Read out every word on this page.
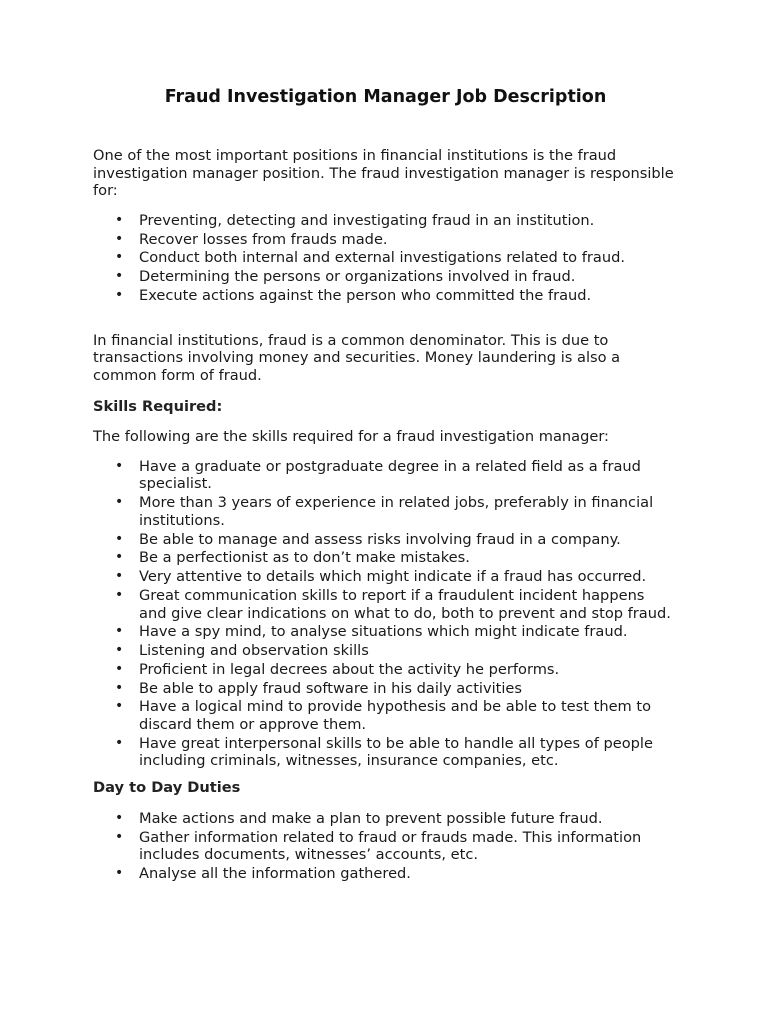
Fraud Investigation Manager Job Description

One of the most important positions in financial institutions is the fraud investigation manager position. The fraud investigation manager is responsible for:

• Preventing, detecting and investigating fraud in an institution.
• Recover losses from frauds made.
• Conduct both internal and external investigations related to fraud.
• Determining the persons or organizations involved in fraud.
• Execute actions against the person who committed the fraud.

In financial institutions, fraud is a common denominator. This is due to transactions involving money and securities. Money laundering is also a common form of fraud.

Skills Required:

The following are the skills required for a fraud investigation manager:

• Have a graduate or postgraduate degree in a related field as a fraud specialist.
• More than 3 years of experience in related jobs, preferably in financial institutions.
• Be able to manage and assess risks involving fraud in a company.
• Be a perfectionist as to don’t make mistakes.
• Very attentive to details which might indicate if a fraud has occurred.
• Great communication skills to report if a fraudulent incident happens and give clear indications on what to do, both to prevent and stop fraud.
• Have a spy mind, to analyse situations which might indicate fraud.
• Listening and observation skills
• Proficient in legal decrees about the activity he performs.
• Be able to apply fraud software in his daily activities
• Have a logical mind to provide hypothesis and be able to test them to discard them or approve them.
• Have great interpersonal skills to be able to handle all types of people including criminals, witnesses, insurance companies, etc.
Day to Day Duties
• Make actions and make a plan to prevent possible future fraud.
• Gather information related to fraud or frauds made. This information includes documents, witnesses’ accounts, etc.
• Analyse all the information gathered.
